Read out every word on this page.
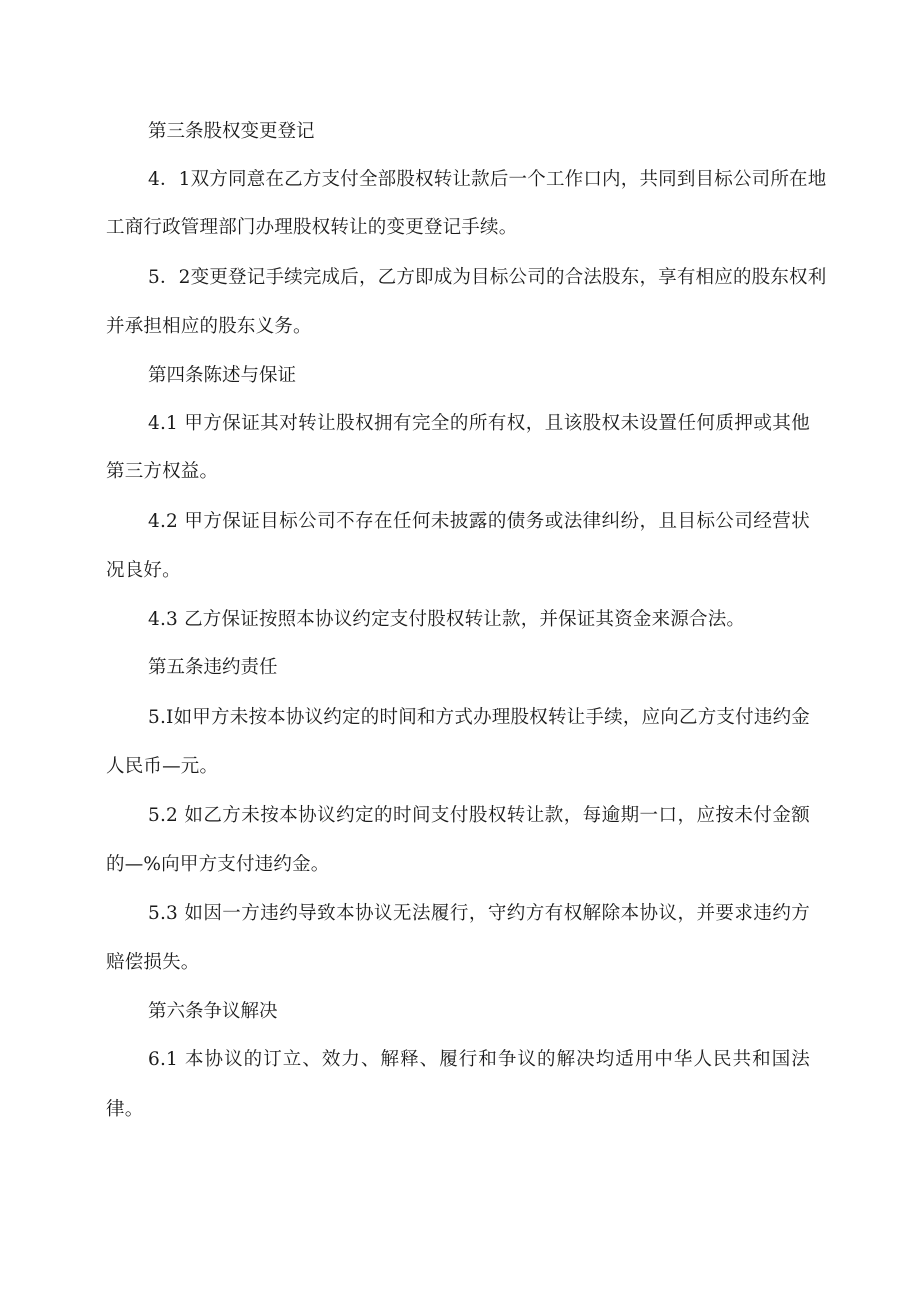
第三条股权变更登记
4．1双方同意在乙方支付全部股权转让款后一个工作口内，共同到目标公司所在地
工商行政管理部门办理股权转让的变更登记手续。
5．2变更登记手续完成后，乙方即成为目标公司的合法股东，享有相应的股东权利
并承担相应的股东义务。
第四条陈述与保证
4.1 甲方保证其对转让股权拥有完全的所有权，且该股权未设置任何质押或其他
第三方权益。
4.2 甲方保证目标公司不存在任何未披露的债务或法律纠纷，且目标公司经营状
况良好。
4.3 乙方保证按照本协议约定支付股权转让款，并保证其资金来源合法。
第五条违约责任
5.I如甲方未按本协议约定的时间和方式办理股权转让手续，应向乙方支付违约金
人民币—元。
5.2 如乙方未按本协议约定的时间支付股权转让款，每逾期一口，应按未付金额
的—%向甲方支付违约金。
5.3 如因一方违约导致本协议无法履行，守约方有权解除本协议，并要求违约方
赔偿损失。
第六条争议解决
6.1 本协议的订立、效力、解释、履行和争议的解决均适用中华人民共和国法
律。
